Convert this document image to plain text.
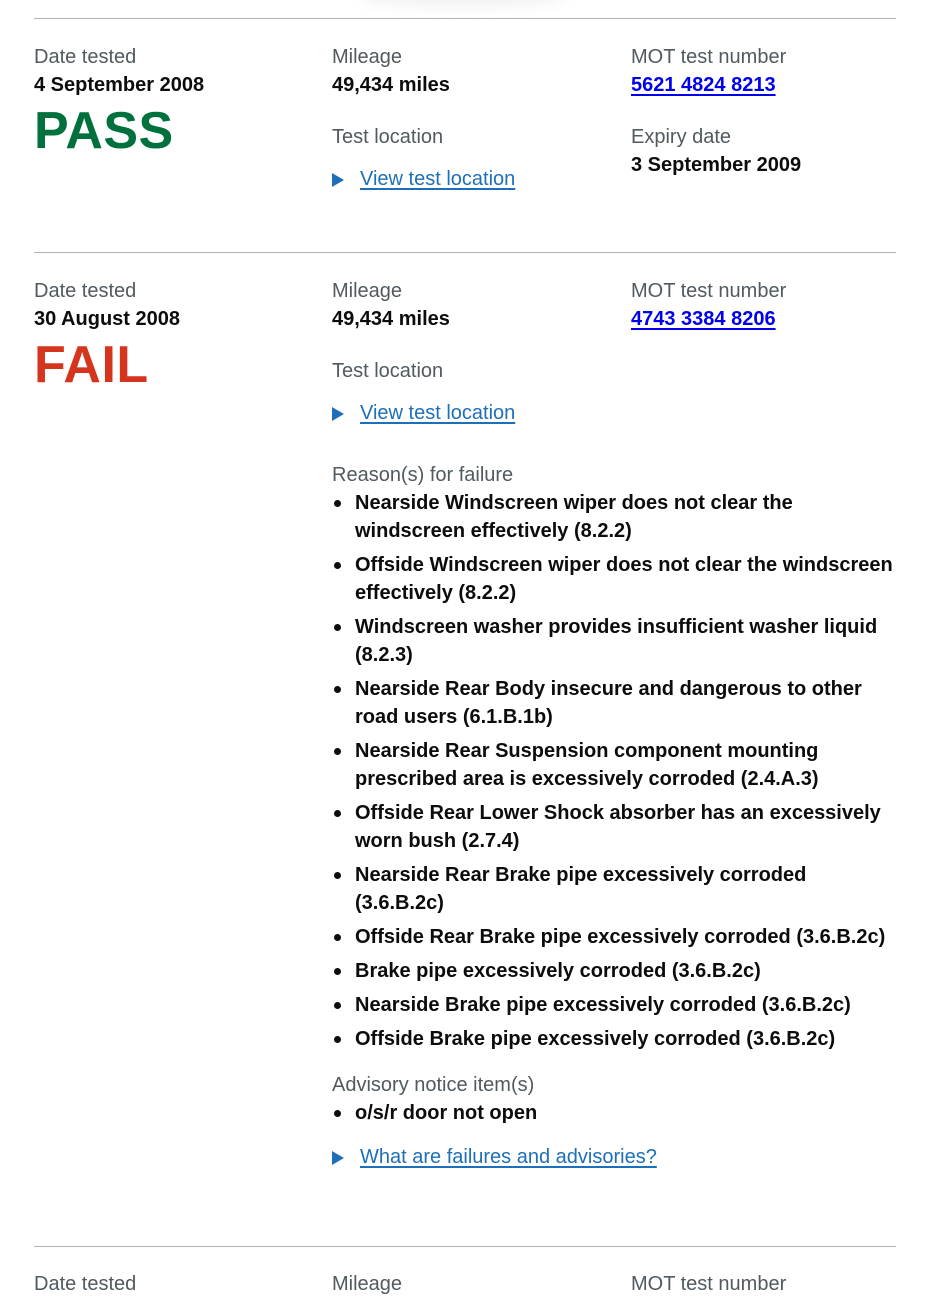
Date tested
4 September 2008
PASS
Mileage
49,434 miles
Test location
View test location
MOT test number
5621 4824 8213
Expiry date
3 September 2009
Date tested
30 August 2008
FAIL
Mileage
49,434 miles
Test location
View test location
Reason(s) for failure
Nearside Windscreen wiper does not clear the windscreen effectively (8.2.2)
Offside Windscreen wiper does not clear the windscreen effectively (8.2.2)
Windscreen washer provides insufficient washer liquid (8.2.3)
Nearside Rear Body insecure and dangerous to other road users (6.1.B.1b)
Nearside Rear Suspension component mounting prescribed area is excessively corroded (2.4.A.3)
Offside Rear Lower Shock absorber has an excessively worn bush (2.7.4)
Nearside Rear Brake pipe excessively corroded (3.6.B.2c)
Offside Rear Brake pipe excessively corroded (3.6.B.2c)
Brake pipe excessively corroded (3.6.B.2c)
Nearside Brake pipe excessively corroded (3.6.B.2c)
Offside Brake pipe excessively corroded (3.6.B.2c)
Advisory notice item(s)
o/s/r door not open
What are failures and advisories?
MOT test number
4743 3384 8206
Date tested	Mileage	MOT test number
